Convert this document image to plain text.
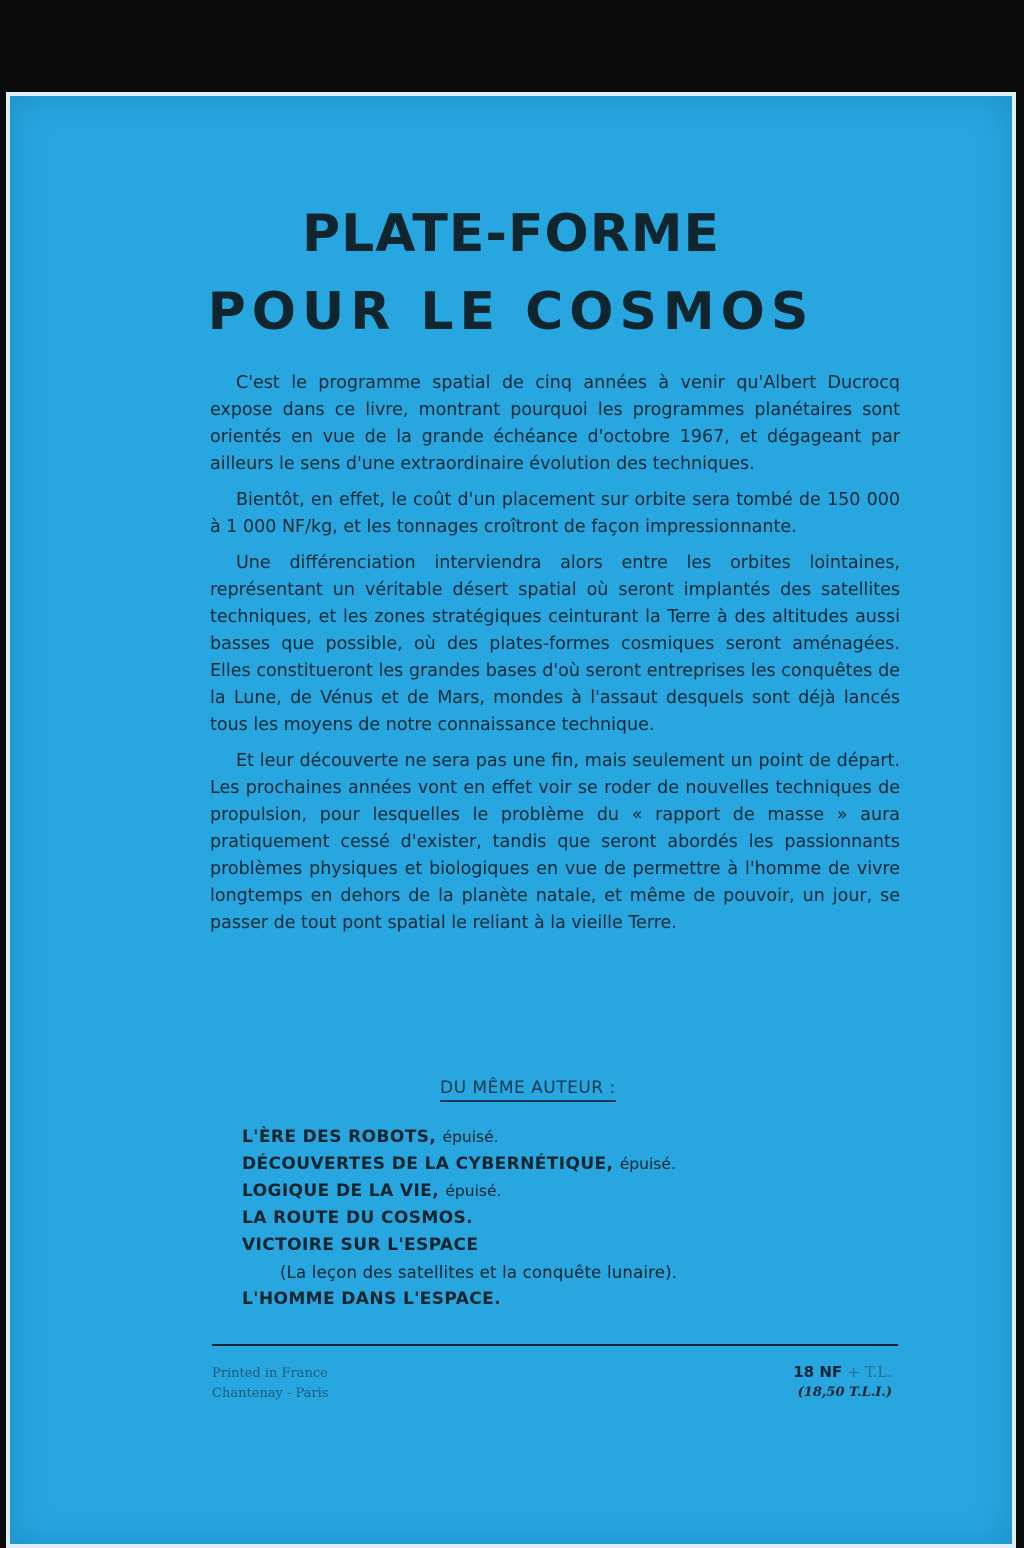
PLATE-FORME
POUR LE COSMOS

C'est le programme spatial de cinq années à venir qu'Albert Ducrocq expose dans ce livre, montrant pourquoi les programmes planétaires sont orientés en vue de la grande échéance d'octobre 1967, et dégageant par ailleurs le sens d'une extraordinaire évolution des techniques.

Bientôt, en effet, le coût d'un placement sur orbite sera tombé de 150 000 à 1 000 NF/kg, et les tonnages croîtront de façon impressionnante.

Une différenciation interviendra alors entre les orbites lointaines, représentant un véritable désert spatial où seront implantés des satellites techniques, et les zones stratégiques ceinturant la Terre à des altitudes aussi basses que possible, où des plates-formes cosmiques seront aménagées. Elles constitueront les grandes bases d'où seront entreprises les conquêtes de la Lune, de Vénus et de Mars, mondes à l'assaut desquels sont déjà lancés tous les moyens de notre connaissance technique.

Et leur découverte ne sera pas une fin, mais seulement un point de départ. Les prochaines années vont en effet voir se roder de nouvelles techniques de propulsion, pour lesquelles le problème du « rapport de masse » aura pratiquement cessé d'exister, tandis que seront abordés les passionnants problèmes physiques et biologiques en vue de permettre à l'homme de vivre longtemps en dehors de la planète natale, et même de pouvoir, un jour, se passer de tout pont spatial le reliant à la vieille Terre.

DU MÊME AUTEUR :
L'ÈRE DES ROBOTS, épuisé.
DÉCOUVERTES DE LA CYBERNÉTIQUE, épuisé.
LOGIQUE DE LA VIE, épuisé.
LA ROUTE DU COSMOS.
VICTOIRE SUR L'ESPACE
(La leçon des satellites et la conquête lunaire).
L'HOMME DANS L'ESPACE.
Printed in France
Chantenay - Paris
18 NF + T.L.
(18,50 T.L.I.)
